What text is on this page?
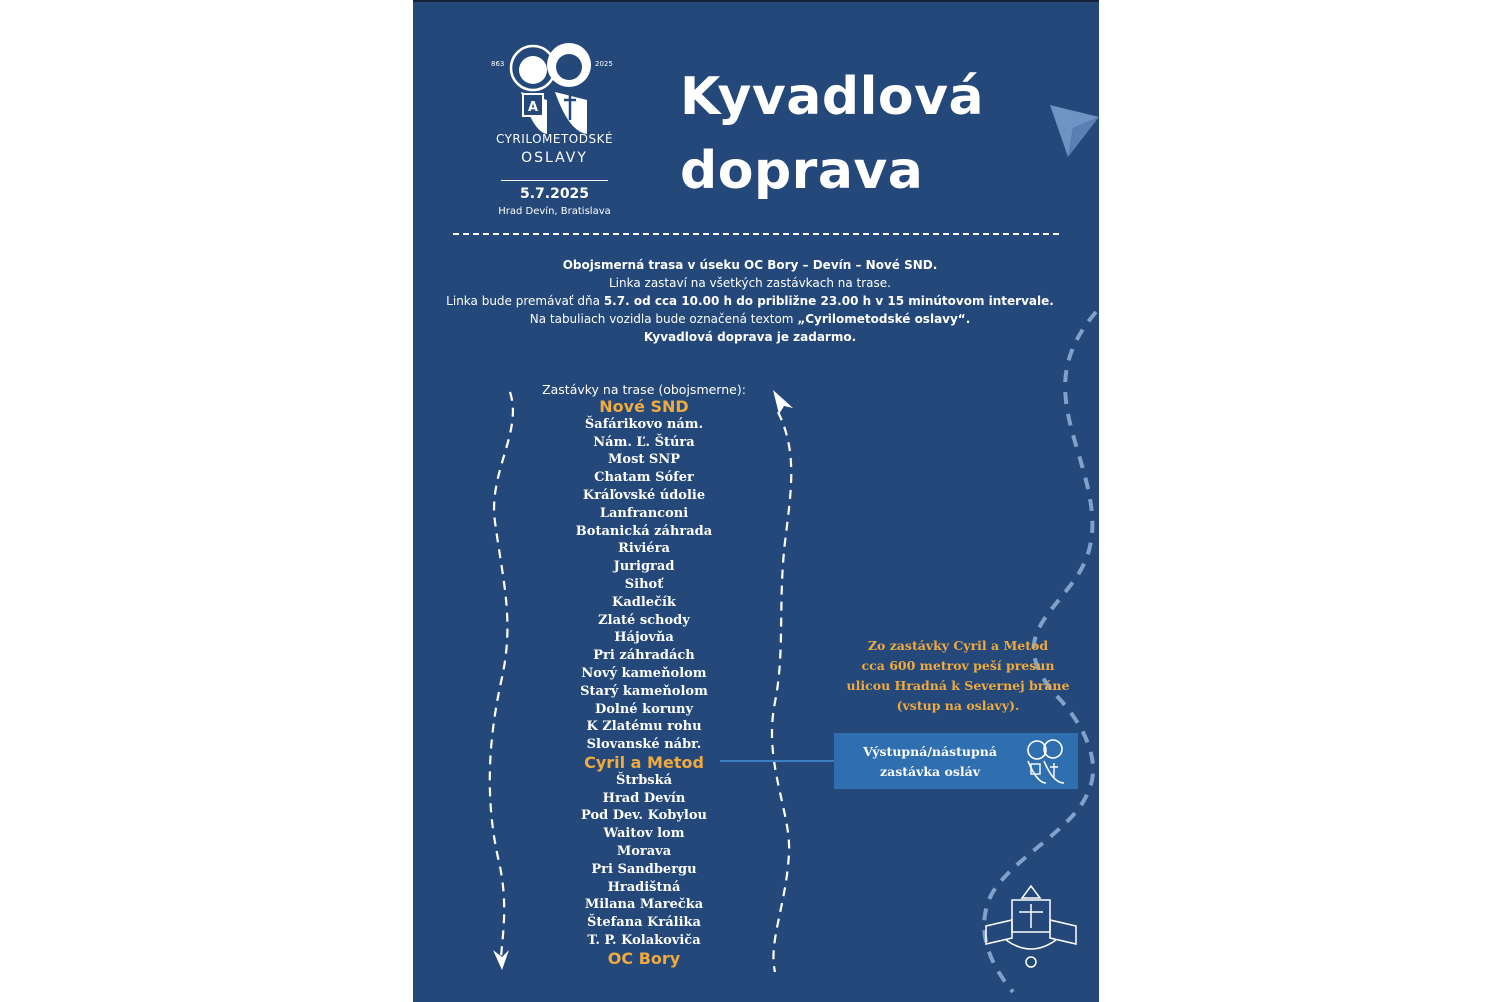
863	2025
A
CYRILOMETODSKÉ
OSLAVY
5.7.2025
Hrad Devín, Bratislava
Kyvadlová
doprava
Obojsmerná trasa v úseku OC Bory – Devín – Nové SND.
Linka zastaví na všetkých zastávkach na trase.
Linka bude premávať dňa 5.7. od cca 10.00 h do približne 23.00 h v 15 minútovom intervale.
Na tabuliach vozidla bude označená textom „Cyrilometodské oslavy“.
Kyvadlová doprava je zadarmo.
Zastávky na trase (obojsmerne):
Nové SND
Šafárikovo nám.
Nám. Ľ. Štúra
Most SNP
Chatam Sófer
Kráľovské údolie
Lanfranconi
Botanická záhrada
Riviéra
Jurigrad
Sihoť
Kadlečík
Zlaté schody
Hájovňa
Pri záhradách
Nový kameňolom
Starý kameňolom
Dolné koruny
K Zlatému rohu
Slovanské nábr.
Cyril a Metod
Štrbská
Hrad Devín
Pod Dev. Kobylou
Waitov lom
Morava
Pri Sandbergu
Hradištná
Milana Marečka
Štefana Králika
T. P. Kolakoviča
OC Bory
Zo zastávky Cyril a Metod
cca 600 metrov peší presun
ulicou Hradná k Severnej bráne
(vstup na oslavy).
Výstupná/nástupná
zastávka osláv
